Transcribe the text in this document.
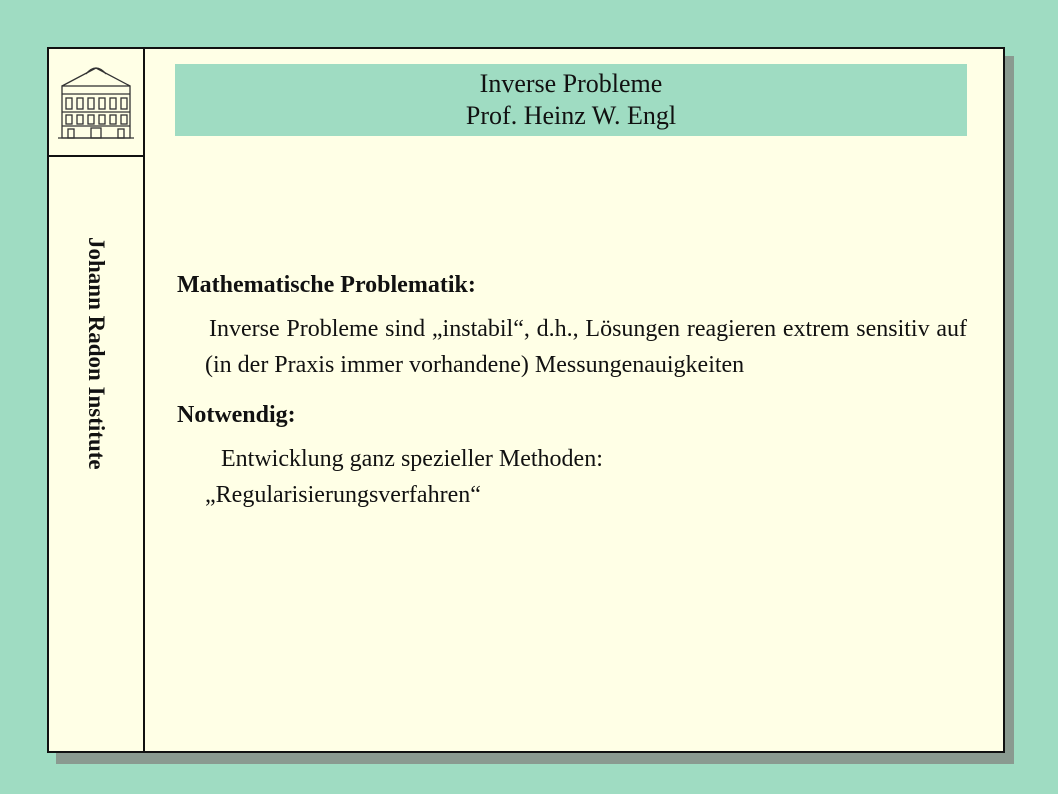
Johann Radon Institute
Inverse Probleme
Prof. Heinz W. Engl

Mathematische Problematik:

Inverse Probleme sind „instabil“, d.h., Lösungen reagieren extrem sensitiv auf (in der Praxis immer vorhandene) Messungenauigkeiten

Notwendig:

Entwicklung ganz spezieller Methoden:

„Regularisierungsverfahren“
